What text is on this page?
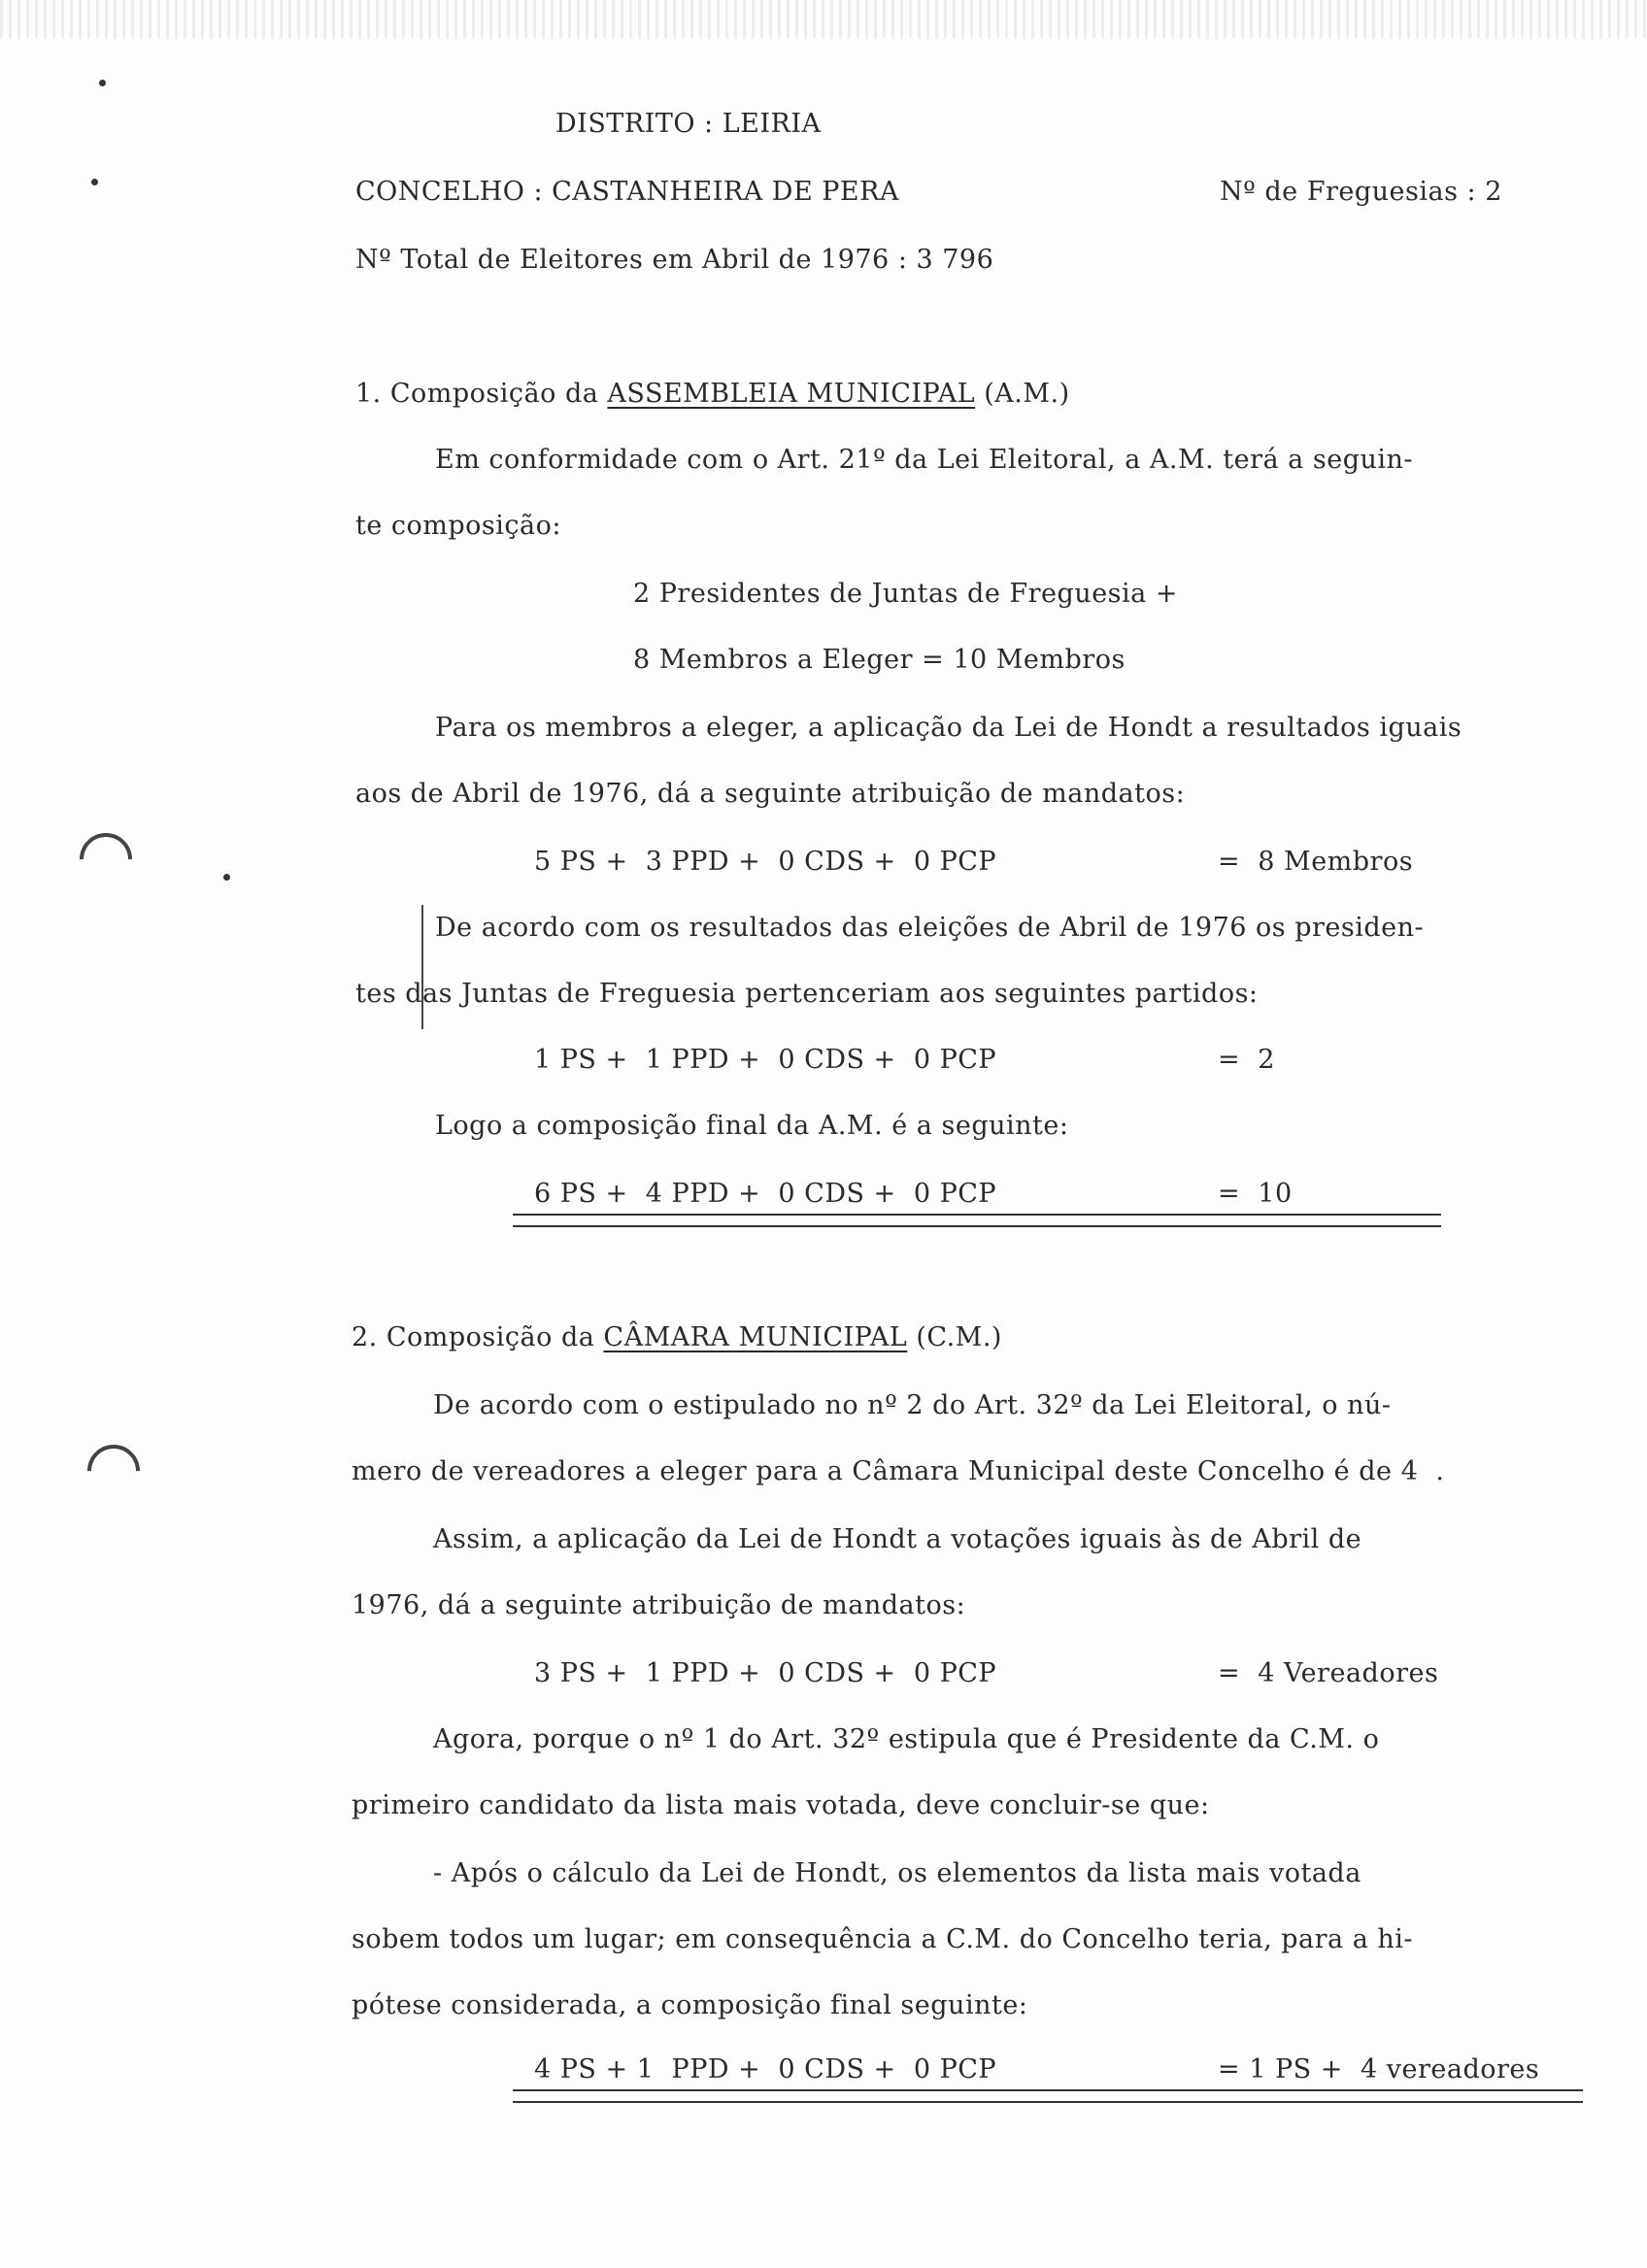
DISTRITO : LEIRIA
CONCELHO : CASTANHEIRA DE PERA	Nº de Freguesias : 2
Nº Total de Eleitores em Abril de 1976 : 3 796
1. Composição da ASSEMBLEIA MUNICIPAL (A.M.)
Em conformidade com o Art. 21º da Lei Eleitoral, a A.M. terá a seguin-
te composição:
2 Presidentes de Juntas de Freguesia +
8 Membros a Eleger = 10 Membros
Para os membros a eleger, a aplicação da Lei de Hondt a resultados iguais
aos de Abril de 1976, dá a seguinte atribuição de mandatos:
5 PS +  3 PPD +  0 CDS +  0 PCP	=  8 Membros
De acordo com os resultados das eleições de Abril de 1976 os presiden-
tes das Juntas de Freguesia pertenceriam aos seguintes partidos:
1 PS +  1 PPD +  0 CDS +  0 PCP	=  2
Logo a composição final da A.M. é a seguinte:
6 PS +  4 PPD +  0 CDS +  0 PCP	=  10
2. Composição da CÂMARA MUNICIPAL (C.M.)
De acordo com o estipulado no nº 2 do Art. 32º da Lei Eleitoral, o nú-
mero de vereadores a eleger para a Câmara Municipal deste Concelho é de 4  .
Assim, a aplicação da Lei de Hondt a votações iguais às de Abril de
1976, dá a seguinte atribuição de mandatos:
3 PS +  1 PPD +  0 CDS +  0 PCP	=  4 Vereadores
Agora, porque o nº 1 do Art. 32º estipula que é Presidente da C.M. o
primeiro candidato da lista mais votada, deve concluir-se que:
- Após o cálculo da Lei de Hondt, os elementos da lista mais votada
sobem todos um lugar; em consequência a C.M. do Concelho teria, para a hi-
pótese considerada, a composição final seguinte:
4 PS + 1  PPD +  0 CDS +  0 PCP	= 1 PS +  4 vereadores
